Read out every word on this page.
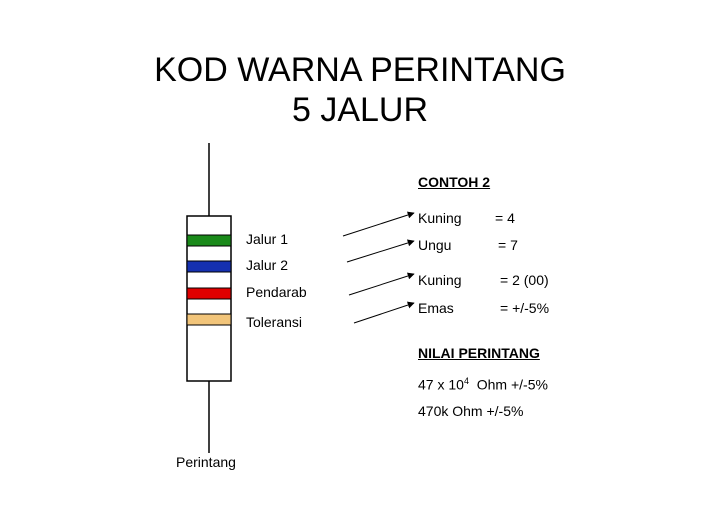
KOD WARNA PERINTANG
5 JALUR
Jalur 1
Jalur 2
Pendarab
Toleransi
CONTOH 2
Kuning = 4
Ungu	= 7
Kuning	= 2 (00)
Emas	= +/-5%
NILAI PERINTANG
47 x $10^4$  Ohm +/-5%
470k Ohm +/-5%
Perintang
